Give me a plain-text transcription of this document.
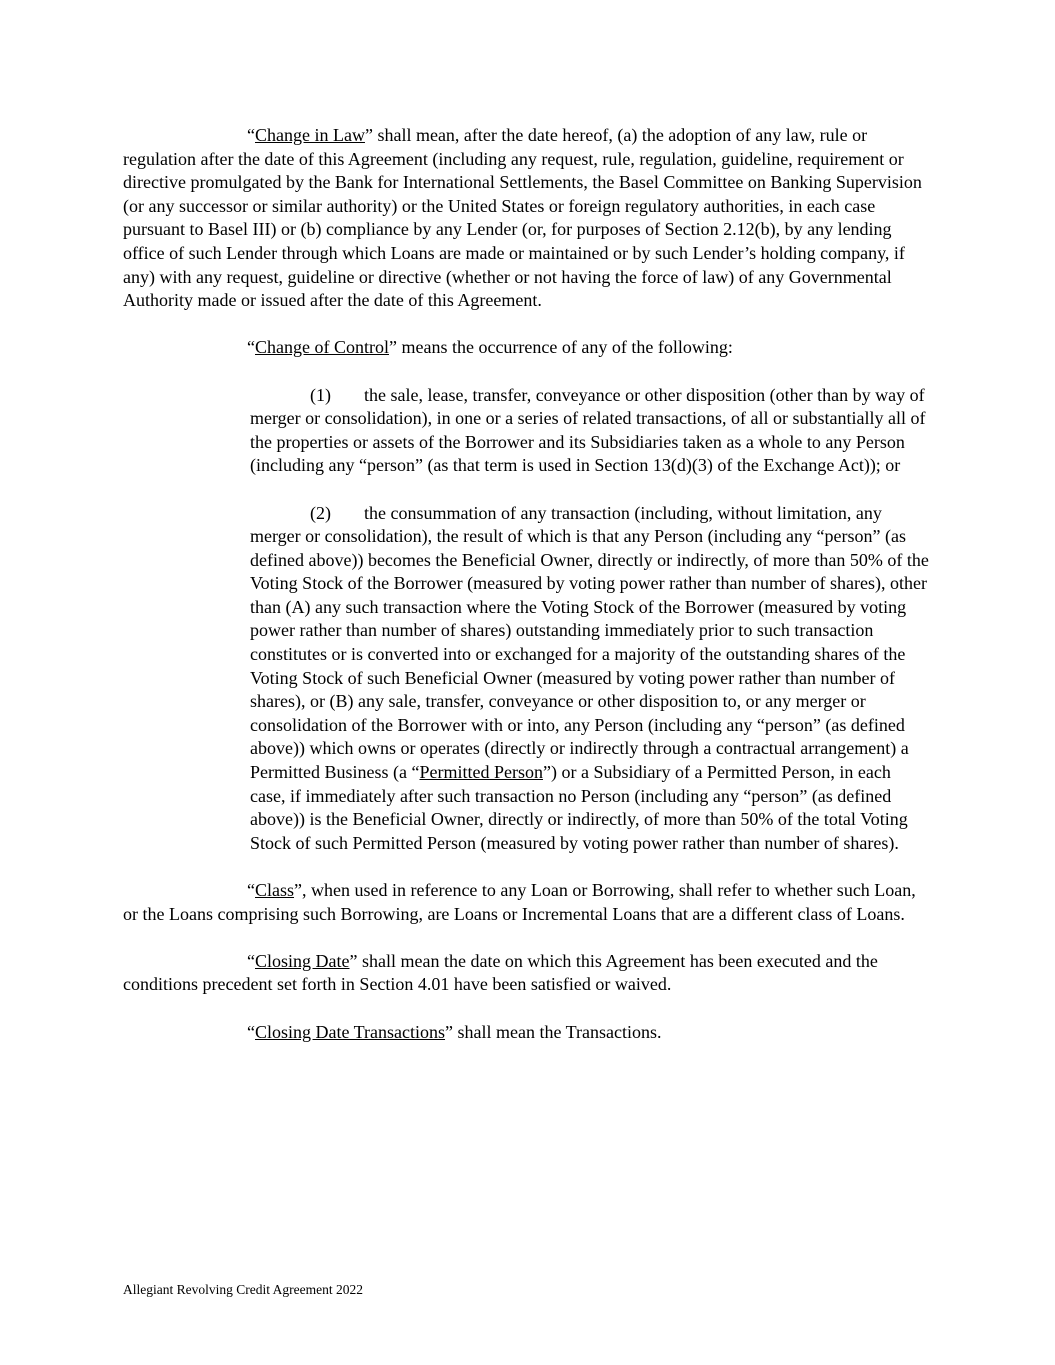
“Change in Law” shall mean, after the date hereof, (a) the adoption of any law, rule or regulation after the date of this Agreement (including any request, rule, regulation, guideline, requirement or directive promulgated by the Bank for International Settlements, the Basel Committee on Banking Supervision (or any successor or similar authority) or the United States or foreign regulatory authorities, in each case pursuant to Basel III) or (b) compliance by any Lender (or, for purposes of Section 2.12(b), by any lending office of such Lender through which Loans are made or maintained or by such Lender’s holding company, if any) with any request, guideline or directive (whether or not having the force of law) of any Governmental Authority made or issued after the date of this Agreement.

“Change of Control” means the occurrence of any of the following:

(1) the sale, lease, transfer, conveyance or other disposition (other than by way of merger or consolidation), in one or a series of related transactions, of all or substantially all of the properties or assets of the Borrower and its Subsidiaries taken as a whole to any Person (including any “person” (as that term is used in Section 13(d)(3) of the Exchange Act)); or

(2) the consummation of any transaction (including, without limitation, any merger or consolidation), the result of which is that any Person (including any “person” (as defined above)) becomes the Beneficial Owner, directly or indirectly, of more than 50% of the Voting Stock of the Borrower (measured by voting power rather than number of shares), other than (A) any such transaction where the Voting Stock of the Borrower (measured by voting power rather than number of shares) outstanding immediately prior to such transaction constitutes or is converted into or exchanged for a majority of the outstanding shares of the Voting Stock of such Beneficial Owner (measured by voting power rather than number of shares), or (B) any sale, transfer, conveyance or other disposition to, or any merger or consolidation of the Borrower with or into, any Person (including any “person” (as defined above)) which owns or operates (directly or indirectly through a contractual arrangement) a Permitted Business (a “Permitted Person”) or a Subsidiary of a Permitted Person, in each case, if immediately after such transaction no Person (including any “person” (as defined above)) is the Beneficial Owner, directly or indirectly, of more than 50% of the total Voting Stock of such Permitted Person (measured by voting power rather than number of shares).

“Class”, when used in reference to any Loan or Borrowing, shall refer to whether such Loan, or the Loans comprising such Borrowing, are Loans or Incremental Loans that are a different class of Loans.

“Closing Date” shall mean the date on which this Agreement has been executed and the conditions precedent set forth in Section 4.01 have been satisfied or waived.

“Closing Date Transactions” shall mean the Transactions.

Allegiant Revolving Credit Agreement 2022
